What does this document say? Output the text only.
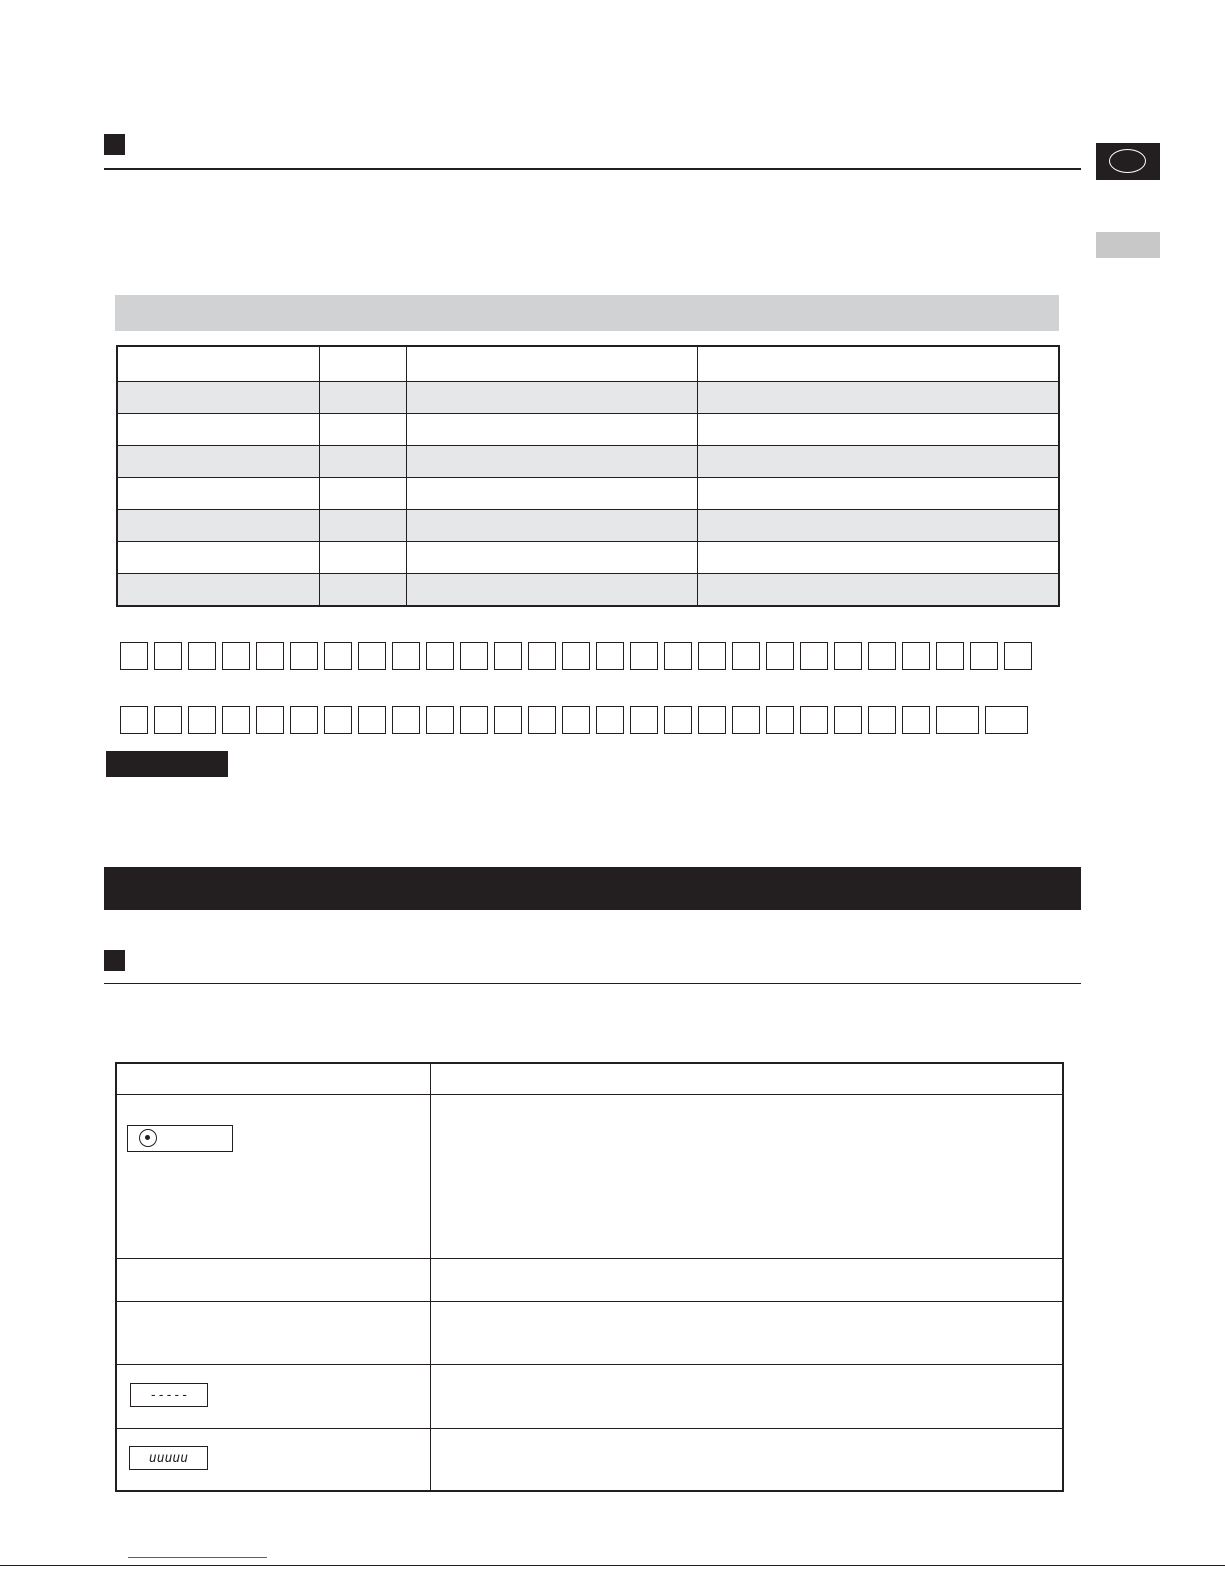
-----	

uuuuu	
